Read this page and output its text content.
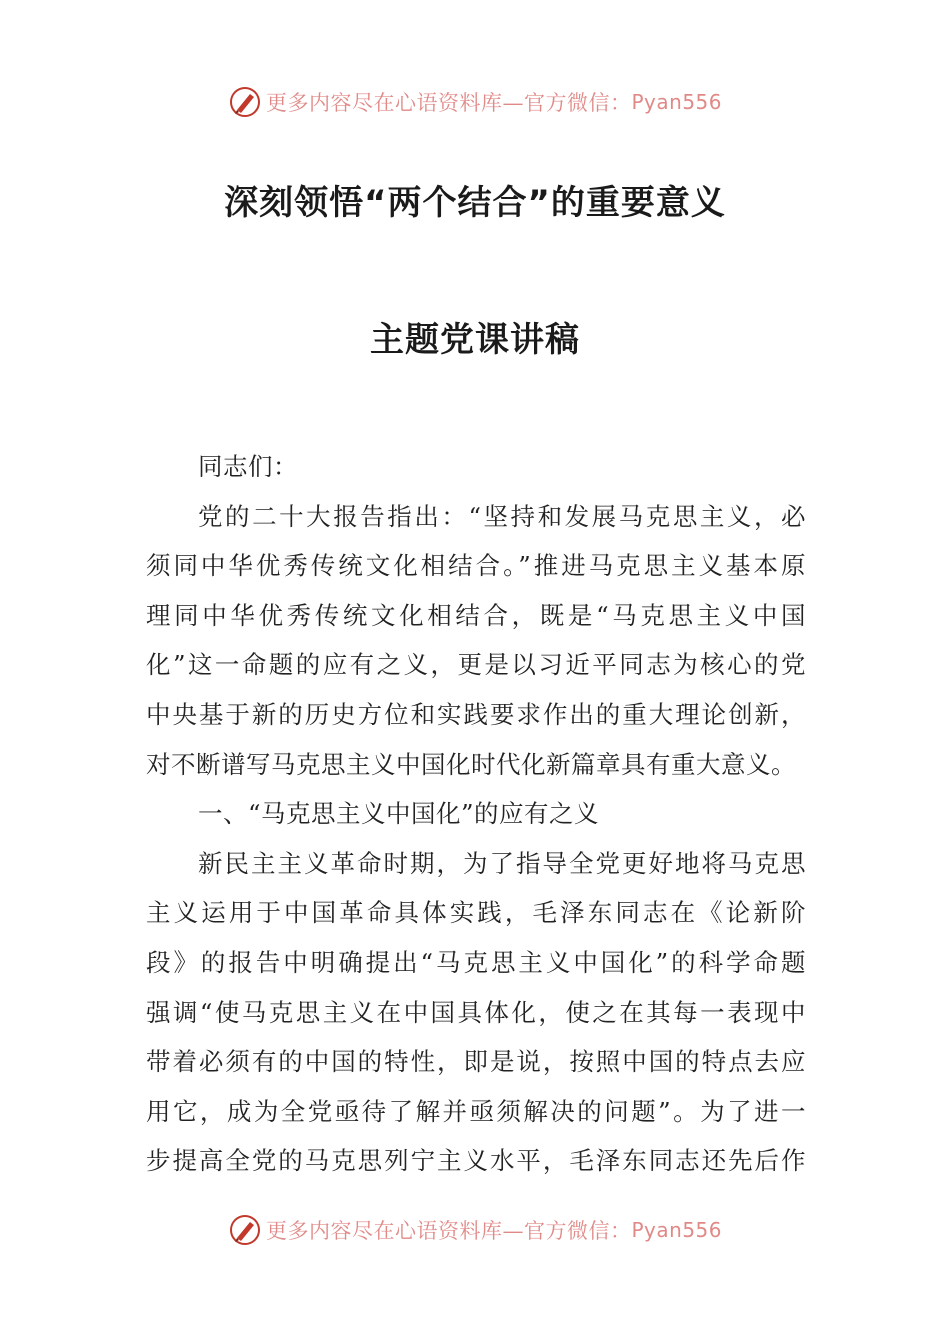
更多内容尽在心语资料库—官方微信： Pyan556
深刻领悟“两个结合”的重要意义
主题党课讲稿
同志们：
党的二十大报告指出：“坚持和发展马克思主义，必
须同中华优秀传统文化相结合。”推进马克思主义基本原
理同中华优秀传统文化相结合，既是“马克思主义中国
化”这一命题的应有之义，更是以习近平同志为核心的党
中央基于新的历史方位和实践要求作出的重大理论创新，
对不断谱写马克思主义中国化时代化新篇章具有重大意义。
一、“马克思主义中国化”的应有之义
新民主主义革命时期，为了指导全党更好地将马克思
主义运用于中国革命具体实践，毛泽东同志在《论新阶
段》的报告中明确提出“马克思主义中国化”的科学命题
强调“使马克思主义在中国具体化，使之在其每一表现中
带着必须有的中国的特性，即是说，按照中国的特点去应
用它，成为全党亟待了解并亟须解决的问题”。为了进一
步提高全党的马克思列宁主义水平，毛泽东同志还先后作
更多内容尽在心语资料库—官方微信： Pyan556
